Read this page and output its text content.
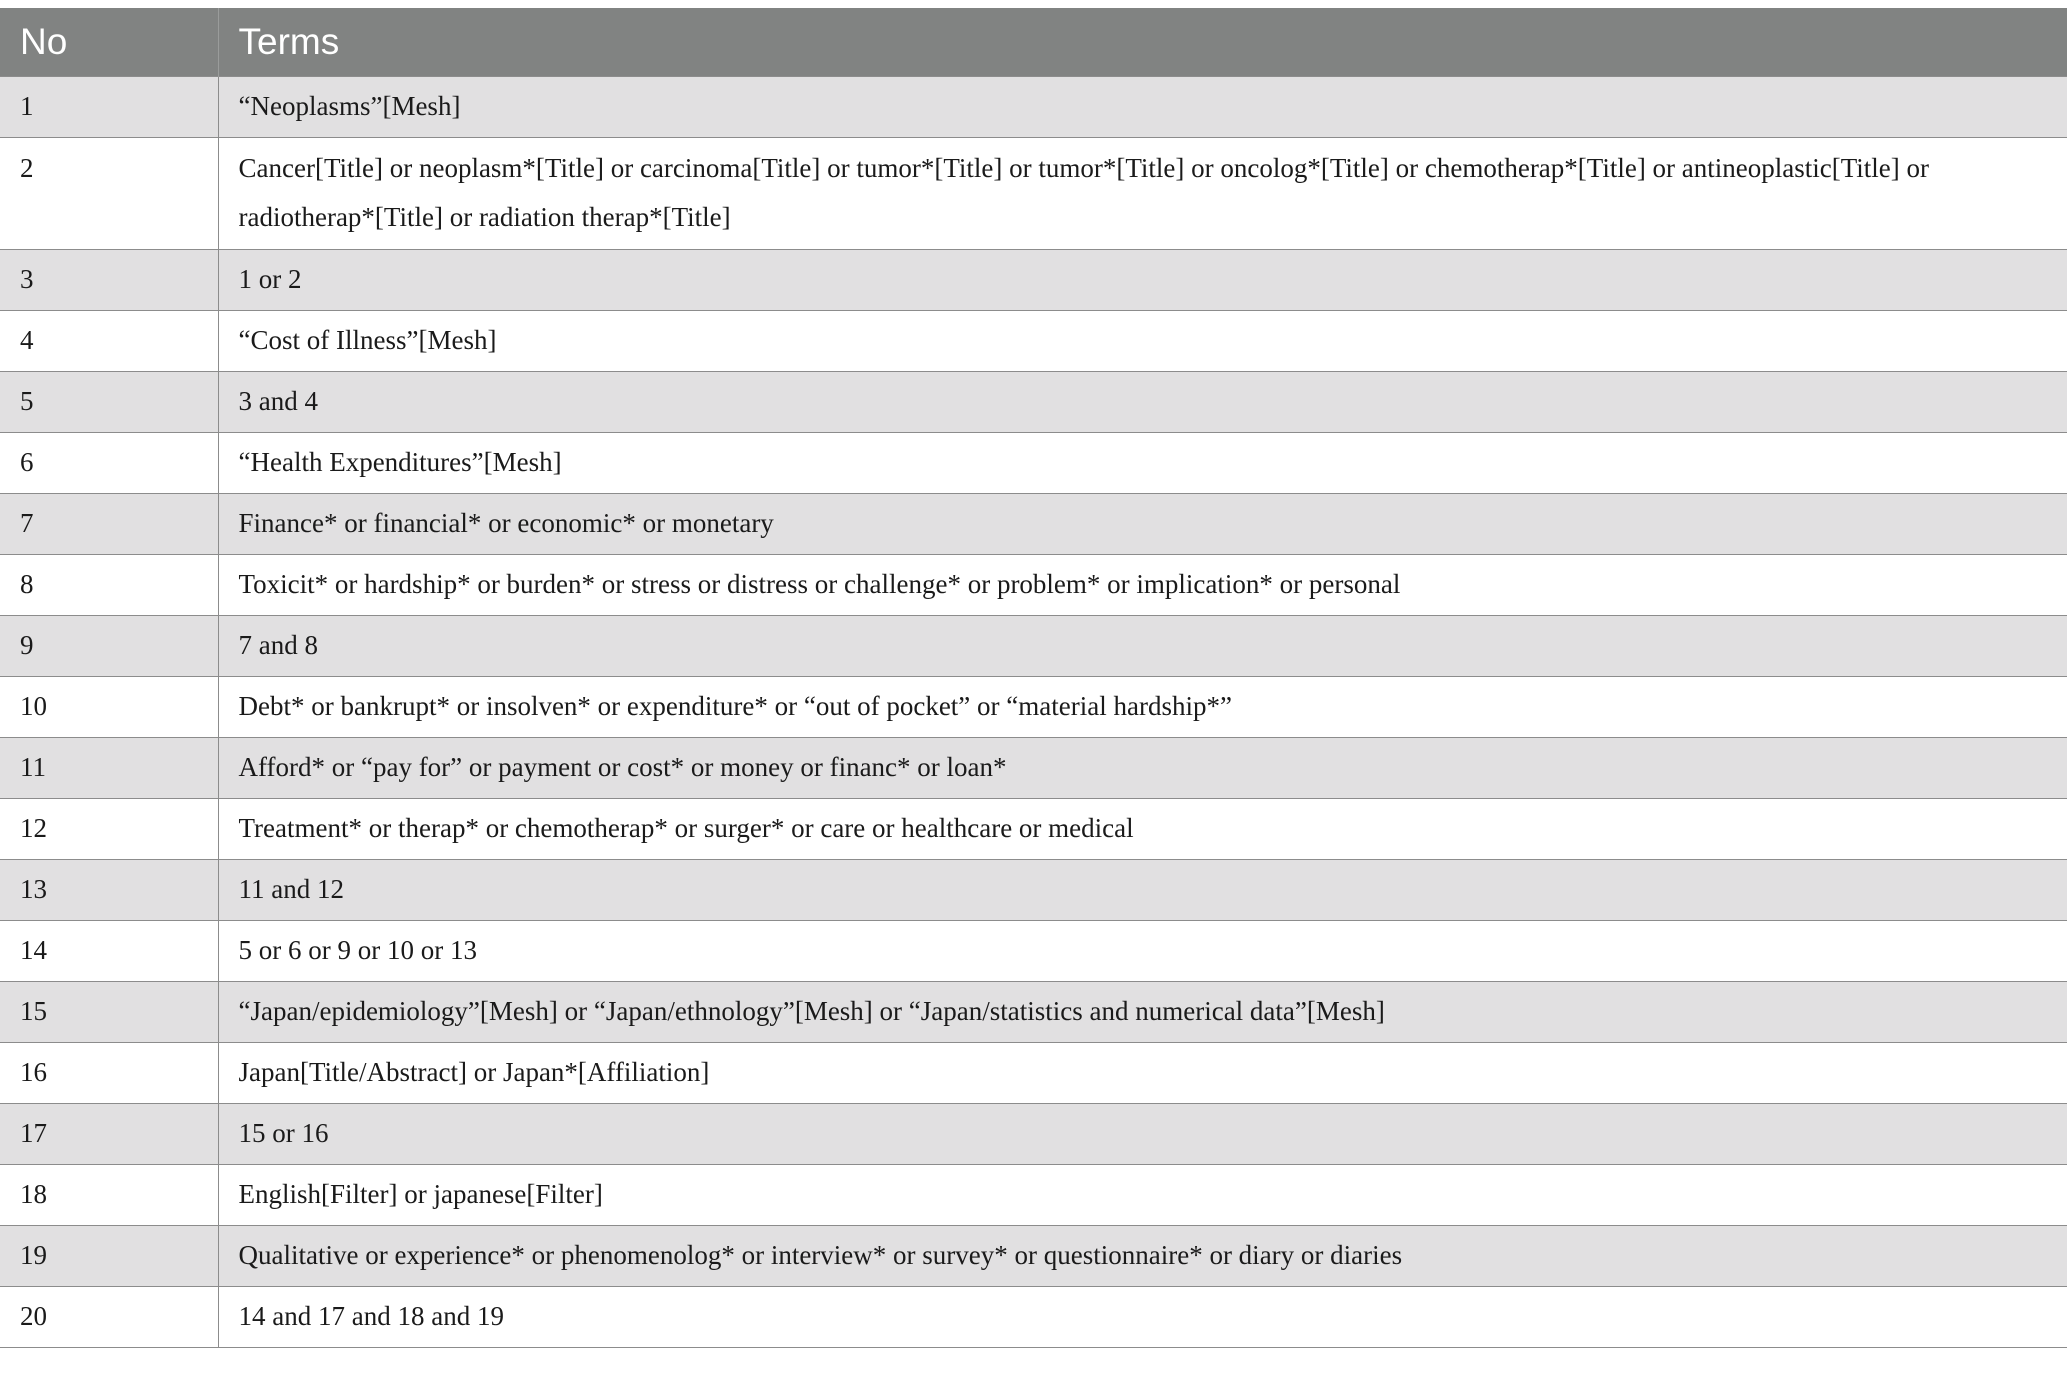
No	Terms
1	“Neoplasms”[Mesh]
2	Cancer[Title] or neoplasm*[Title] or carcinoma[Title] or tumor*[Title] or tumor*[Title] or oncolog*[Title] or chemotherap*[Title] or antineoplastic[Title] or radiotherap*[Title] or radiation therap*[Title]
3	1 or 2
4	“Cost of Illness”[Mesh]
5	3 and 4
6	“Health Expenditures”[Mesh]
7	Finance* or financial* or economic* or monetary
8	Toxicit* or hardship* or burden* or stress or distress or challenge* or problem* or implication* or personal
9	7 and 8
10	Debt* or bankrupt* or insolven* or expenditure* or “out of pocket” or “material hardship*”
11	Afford* or “pay for” or payment or cost* or money or financ* or loan*
12	Treatment* or therap* or chemotherap* or surger* or care or healthcare or medical
13	11 and 12
14	5 or 6 or 9 or 10 or 13
15	“Japan/epidemiology”[Mesh] or “Japan/ethnology”[Mesh] or “Japan/statistics and numerical data”[Mesh]
16	Japan[Title/Abstract] or Japan*[Affiliation]
17	15 or 16
18	English[Filter] or japanese[Filter]
19	Qualitative or experience* or phenomenolog* or interview* or survey* or questionnaire* or diary or diaries
20	14 and 17 and 18 and 19
